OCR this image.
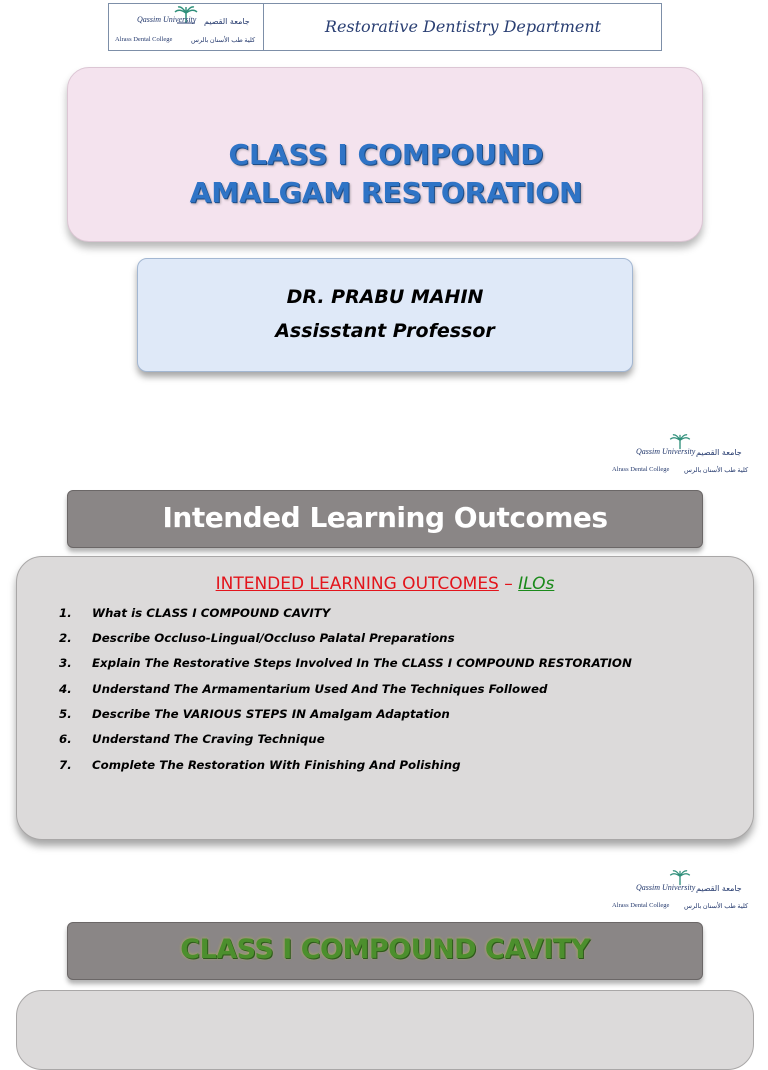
Qassim University جامعة القصيم
Alrass Dental College	كلية طب الأسنان بالرس
Restorative Dentistry Department
CLASS I COMPOUND
AMALGAM RESTORATION
DR. PRABU MAHIN
Assisstant Professor
Qassim University جامعة القصيم
Alrass Dental College كلية طب الأسنان بالرس
Intended Learning Outcomes
INTENDED LEARNING OUTCOMES – ILOs
1. What is CLASS I COMPOUND CAVITY
2. Describe Occluso-Lingual/Occluso Palatal Preparations
3. Explain The Restorative Steps Involved In The CLASS I COMPOUND RESTORATION
4. Understand The Armamentarium Used And The Techniques Followed
5. Describe The VARIOUS STEPS IN Amalgam Adaptation
6. Understand The Craving Technique
7. Complete The Restoration With Finishing And Polishing
Qassim University جامعة القصيم
Alrass Dental College كلية طب الأسنان بالرس
CLASS I COMPOUND CAVITY
